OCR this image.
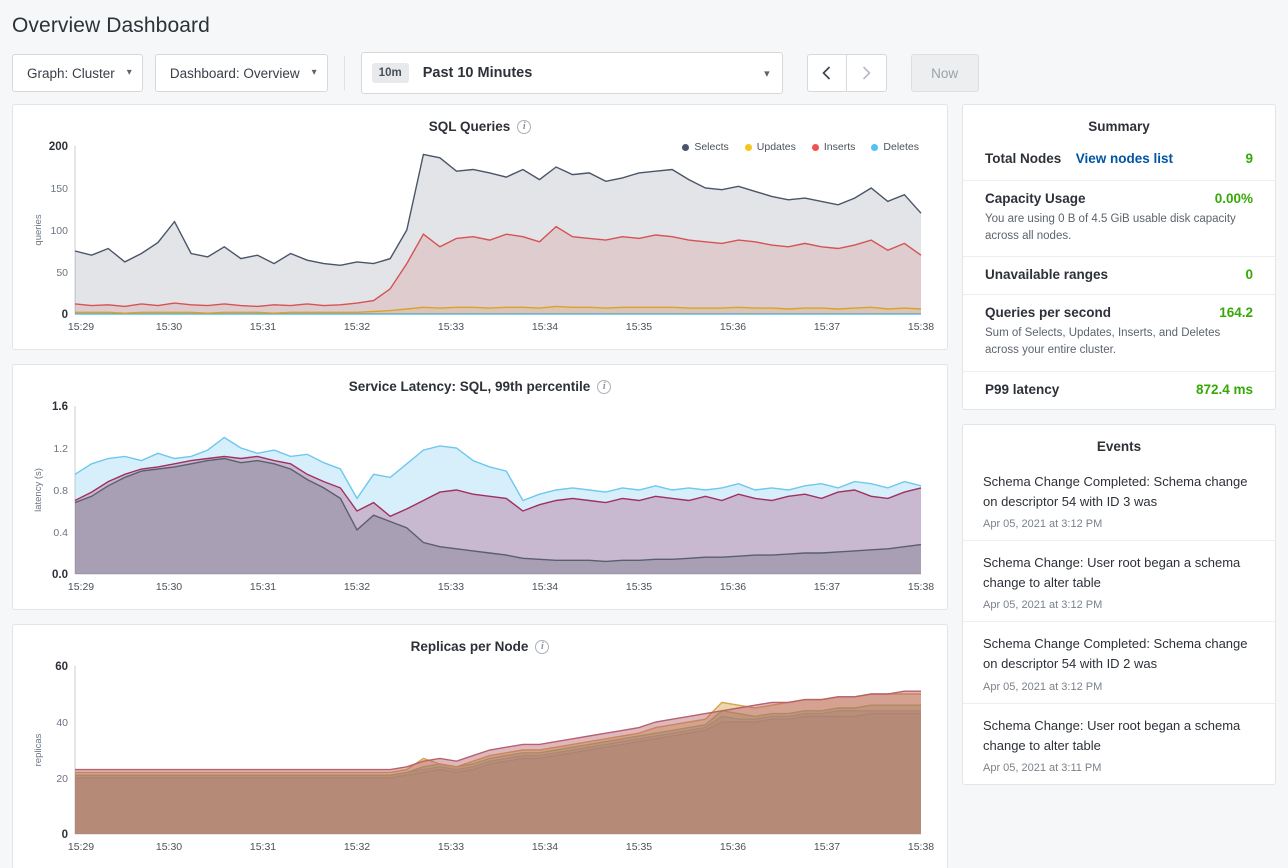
Overview Dashboard
Graph: Cluster ▾	Dashboard: Overview ▾	10m	Past 10 Minutes	▾	Now
SQL Queries	i
Selects	Updates	Inserts	Deletes
200
150
100
50
0
15:29	15:30	15:31	15:32	15:33	15:34	15:35	15:36	15:37	15:38
queries
Service Latency: SQL, 99th percentile	i
1.6
1.2
0.8
0.4
0.0
15:29	15:30	15:31	15:32	15:33	15:34	15:35	15:36	15:37	15:38
latency (s)
Replicas per Node	i
60
40
20
0
15:29	15:30	15:31	15:32	15:33	15:34	15:35	15:36	15:37	15:38
replicas
Summary
Total Nodes View nodes list	9
Capacity Usage	0.00%
You are using 0 B of 4.5 GiB usable disk capacity across all nodes.
Unavailable ranges	0
Queries per second	164.2
Sum of Selects, Updates, Inserts, and Deletes across your entire cluster.
P99 latency	872.4 ms
Events
Schema Change Completed: Schema change on descriptor 54 with ID 3 was
Apr 05, 2021 at 3:12 PM
Schema Change: User root began a schema change to alter table
Apr 05, 2021 at 3:12 PM
Schema Change Completed: Schema change on descriptor 54 with ID 2 was
Apr 05, 2021 at 3:12 PM
Schema Change: User root began a schema change to alter table
Apr 05, 2021 at 3:11 PM
